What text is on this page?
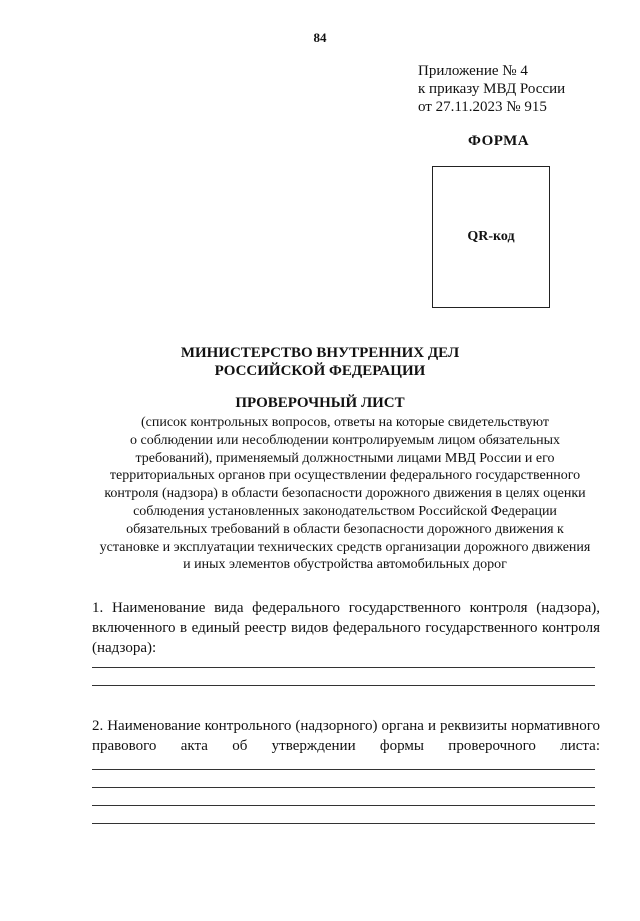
84
Приложение № 4
к приказу МВД России
от 27.11.2023 № 915
ФОРМА
QR-код
МИНИСТЕРСТВО ВНУТРЕННИХ ДЕЛ
РОССИЙСКОЙ ФЕДЕРАЦИИ
ПРОВЕРОЧНЫЙ ЛИСТ
(список контрольных вопросов, ответы на которые свидетельствуют
о соблюдении или несоблюдении контролируемым лицом обязательных
требований), применяемый должностными лицами МВД России и его
территориальных органов при осуществлении федерального государственного
контроля (надзора) в области безопасности дорожного движения в целях оценки
соблюдения установленных законодательством Российской Федерации
обязательных требований в области безопасности дорожного движения к
установке и эксплуатации технических средств организации дорожного движения
и иных элементов обустройства автомобильных дорог
1. Наименование вида федерального государственного контроля (надзора),
включенного в единый реестр видов федерального государственного контроля
(надзора):
2. Наименование контрольного (надзорного) органа и реквизиты нормативного
правового акта об утверждении формы проверочного листа:
